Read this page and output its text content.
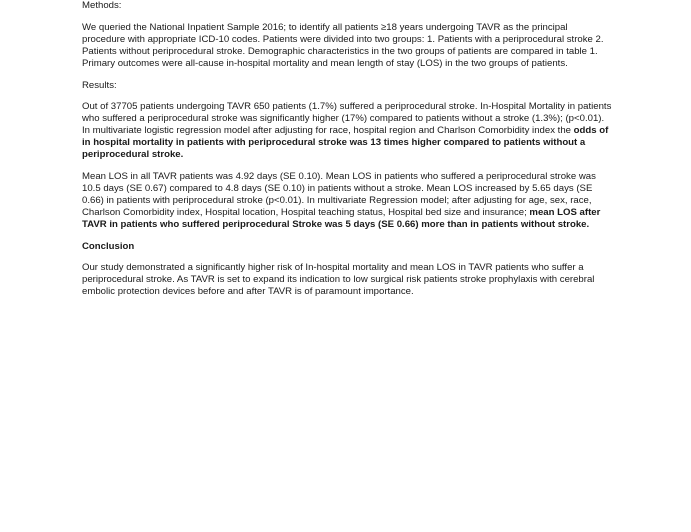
Methods:

We queried the National Inpatient Sample 2016; to identify all patients ≥18 years undergoing TAVR as the principal procedure with appropriate ICD-10 codes. Patients were divided into two groups: 1. Patients with a periprocedural stroke 2. Patients without periprocedural stroke. Demographic characteristics in the two groups of patients are compared in table 1. Primary outcomes were all-cause in-hospital mortality and mean length of stay (LOS) in the two groups of patients.

Results:

Out of 37705 patients undergoing TAVR 650 patients (1.7%) suffered a periprocedural stroke. In-Hospital Mortality in patients who suffered a periprocedural stroke was significantly higher (17%) compared to patients without a stroke (1.3%); (p<0.01). In multivariate logistic regression model after adjusting for race, hospital region and Charlson Comorbidity index the odds of in hospital mortality in patients with periprocedural stroke was 13 times higher compared to patients without a periprocedural stroke.

Mean LOS in all TAVR patients was 4.92 days (SE 0.10). Mean LOS in patients who suffered a periprocedural stroke was 10.5 days (SE 0.67) compared to 4.8 days (SE 0.10) in patients without a stroke. Mean LOS increased by 5.65 days (SE 0.66) in patients with periprocedural stroke (p<0.01). In multivariate Regression model; after adjusting for age, sex, race, Charlson Comorbidity index, Hospital location, Hospital teaching status, Hospital bed size and insurance; mean LOS after TAVR in patients who suffered periprocedural Stroke was 5 days (SE 0.66) more than in patients without stroke.

Conclusion

Our study demonstrated a significantly higher risk of In-hospital mortality and mean LOS in TAVR patients who suffer a periprocedural stroke. As TAVR is set to expand its indication to low surgical risk patients stroke prophylaxis with cerebral embolic protection devices before and after TAVR is of paramount importance.
